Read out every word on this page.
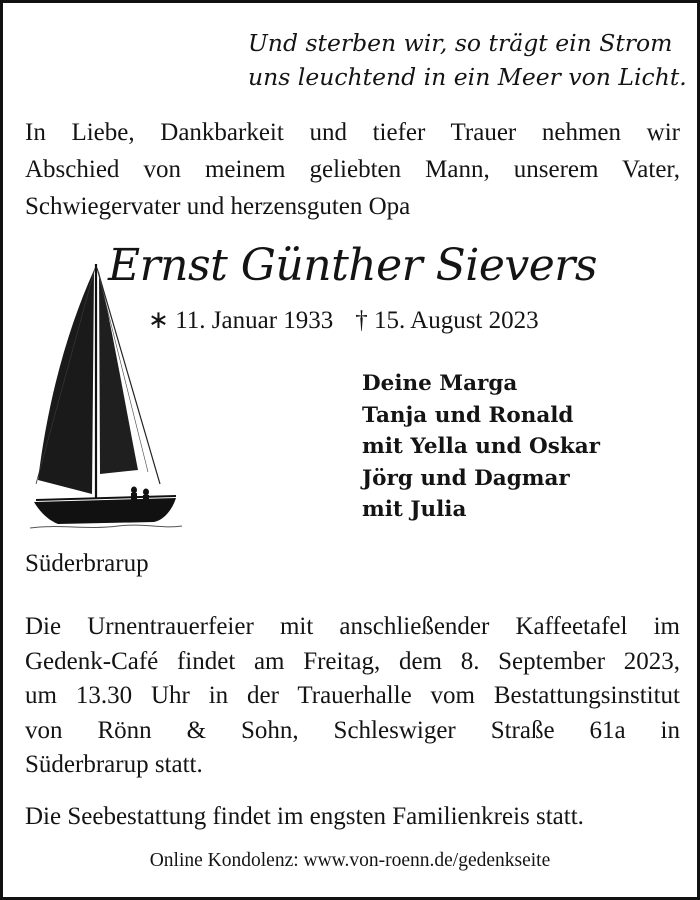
Und sterben wir, so trägt ein Strom
uns leuchtend in ein Meer von Licht.
In Liebe, Dankbarkeit und tiefer Trauer nehmen wir
Abschied von meinem geliebten Mann, unserem Vater,
Schwiegervater und herzensguten Opa
Ernst Günther Sievers
∗ 11. Januar 1933 † 15. August 2023
Deine Marga
Tanja und Ronald
mit Yella und Oskar
Jörg und Dagmar
mit Julia
Süderbrarup
Die Urnentrauerfeier mit anschließender Kaffeetafel im
Gedenk-Café findet am Freitag, dem 8. September 2023,
um 13.30 Uhr in der Trauerhalle vom Bestattungsinstitut
von Rönn & Sohn, Schleswiger Straße 61a in
Süderbrarup statt.
Die Seebestattung findet im engsten Familienkreis statt.
Online Kondolenz: www.von-roenn.de/gedenkseite
